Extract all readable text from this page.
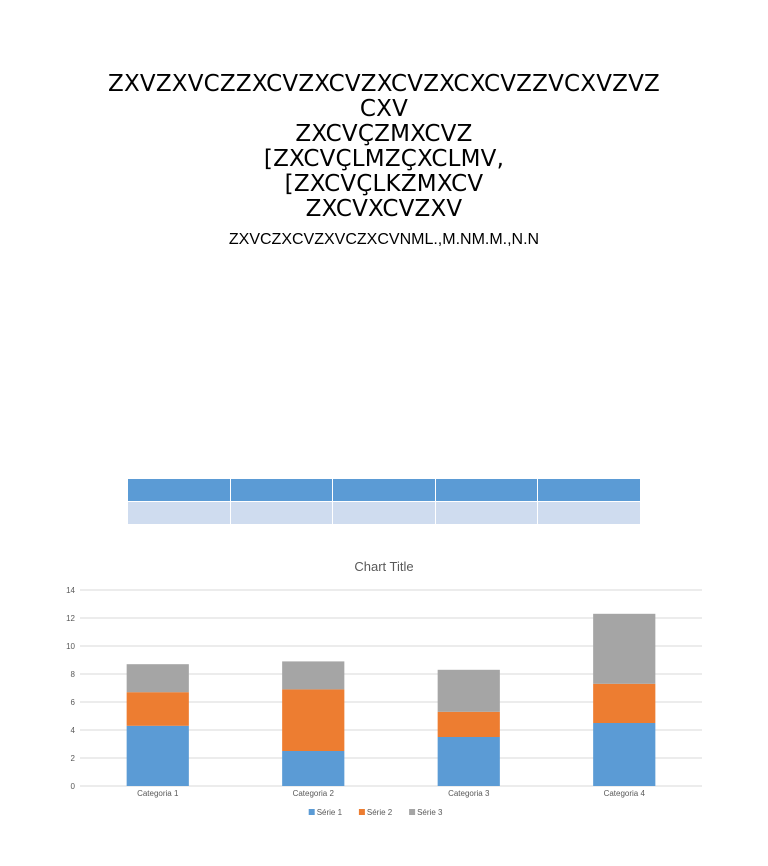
ZXVZXVCZZXCVZXCVZXCVZXCXCVZZVCXVZVZ
CXV
ZXCVÇZMXCVZ
[ZXCVÇLMZÇXCLMV,
[ZXCVÇLKZMXCV
ZXCVXCVZXV
ZXVCZXCVZXVCZXCVNML.,M.NM.M.,N.N

Chart Title
0
2
4
6
8
10
12
14
Categoria 1	Categoria 2	Categoria 3	Categoria 4
Série 1	Série 2	Série 3
